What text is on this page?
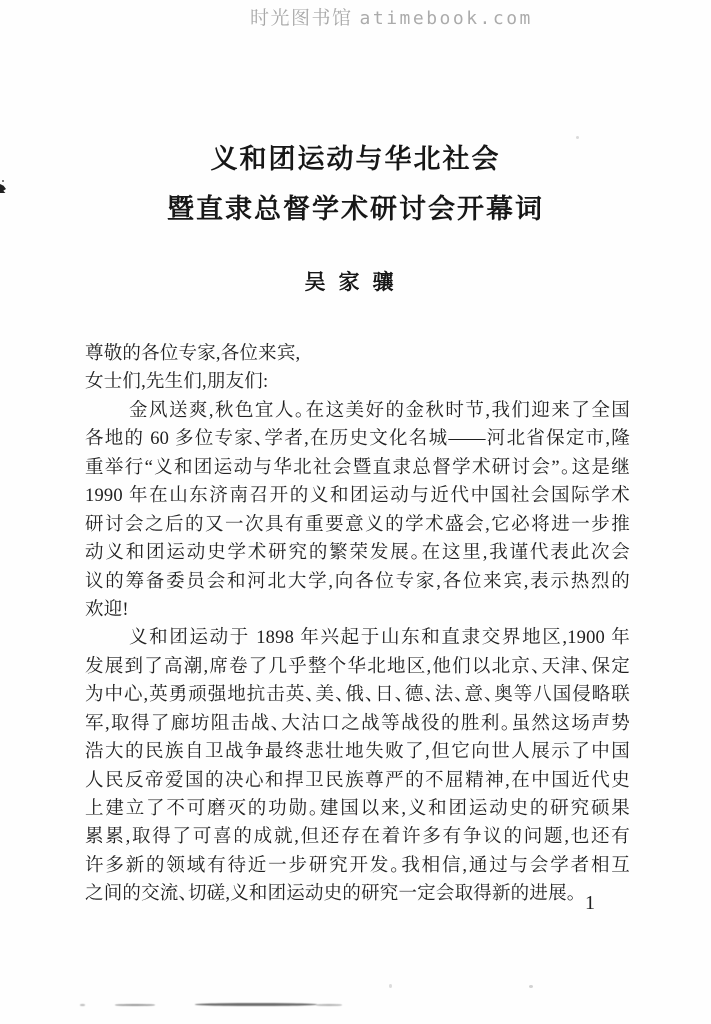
时光图书馆 atimebook.com
义和团运动与华北社会
暨直隶总督学术研讨会开幕词
吴家骧
尊敬的各位专家,各位来宾,
女士们,先生们,朋友们:
金风送爽,秋色宜人。在这美好的金秋时节,我们迎来了全国
各地的 60 多位专家、学者,在历史文化名城——河北省保定市,隆
重举行“义和团运动与华北社会暨直隶总督学术研讨会”。这是继
1990 年在山东济南召开的义和团运动与近代中国社会国际学术
研讨会之后的又一次具有重要意义的学术盛会,它必将进一步推
动义和团运动史学术研究的繁荣发展。在这里,我谨代表此次会
议的筹备委员会和河北大学,向各位专家,各位来宾,表示热烈的
欢迎!
义和团运动于 1898 年兴起于山东和直隶交界地区,1900 年
发展到了高潮,席卷了几乎整个华北地区,他们以北京、天津、保定
为中心,英勇顽强地抗击英、美、俄、日、德、法、意、奥等八国侵略联
军,取得了廊坊阻击战、大沽口之战等战役的胜利。虽然这场声势
浩大的民族自卫战争最终悲壮地失败了,但它向世人展示了中国
人民反帝爱国的决心和捍卫民族尊严的不屈精神,在中国近代史
上建立了不可磨灭的功勋。建国以来,义和团运动史的研究硕果
累累,取得了可喜的成就,但还存在着许多有争议的问题,也还有
许多新的领域有待近一步研究开发。我相信,通过与会学者相互
之间的交流、切磋,义和团运动史的研究一定会取得新的进展。 1
